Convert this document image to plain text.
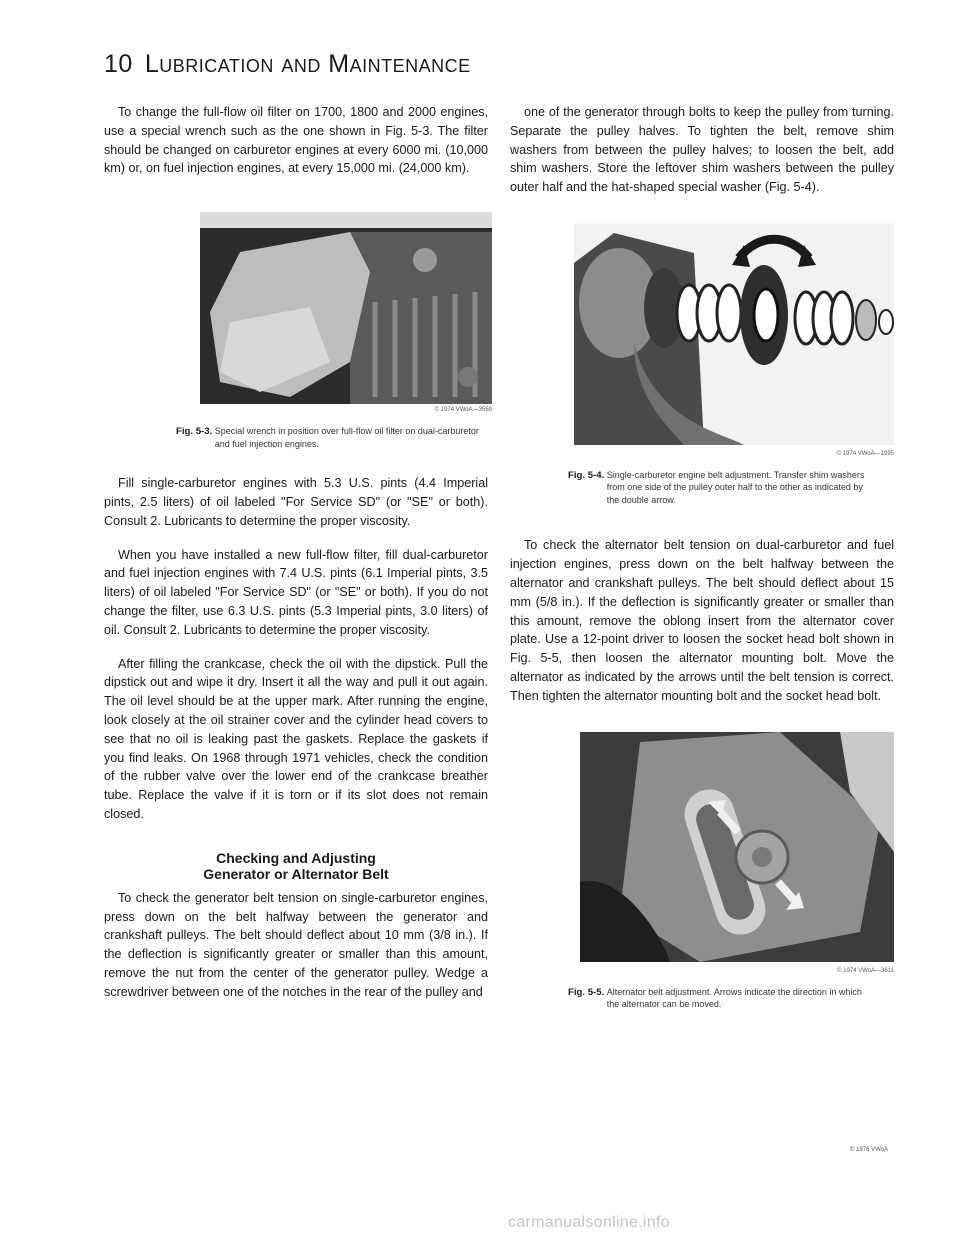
10 Lubrication and Maintenance

To change the full-flow oil filter on 1700, 1800 and 2000 engines, use a special wrench such as the one shown in Fig. 5-3. The filter should be changed on carburetor engines at every 6000 mi. (10,000 km) or, on fuel injection engines, at every 15,000 mi. (24,000 km).

© 1974 VWoA—3559
Fig. 5-3. Special wrench in position over full-flow oil filter on dual-carburetor and fuel injection engines.

Fill single-carburetor engines with 5.3 U.S. pints (4.4 Imperial pints, 2.5 liters) of oil labeled "For Service SD" (or "SE" or both). Consult 2. Lubricants to determine the proper viscosity.

When you have installed a new full-flow filter, fill dual-carburetor and fuel injection engines with 7.4 U.S. pints (6.1 Imperial pints, 3.5 liters) of oil labeled "For Service SD" (or "SE" or both). If you do not change the filter, use 6.3 U.S. pints (5.3 Imperial pints, 3.0 liters) of oil. Consult 2. Lubricants to determine the proper viscosity.

After filling the crankcase, check the oil with the dipstick. Pull the dipstick out and wipe it dry. Insert it all the way and pull it out again. The oil level should be at the upper mark. After running the engine, look closely at the oil strainer cover and the cylinder head covers to see that no oil is leaking past the gaskets. Replace the gaskets if you find leaks. On 1968 through 1971 vehicles, check the condition of the rubber valve over the lower end of the crankcase breather tube. Replace the valve if it is torn or if its slot does not remain closed.

Checking and Adjusting
Generator or Alternator Belt

To check the generator belt tension on single-carburetor engines, press down on the belt halfway between the generator and crankshaft pulleys. The belt should deflect about 10 mm (3/8 in.). If the deflection is significantly greater or smaller than this amount, remove the nut from the center of the generator pulley. Wedge a screwdriver between one of the notches in the rear of the pulley and

one of the generator through bolts to keep the pulley from turning. Separate the pulley halves. To tighten the belt, remove shim washers from between the pulley halves; to loosen the belt, add shim washers. Store the leftover shim washers between the pulley outer half and the hat-shaped special washer (Fig. 5-4).

© 1974 VWoA—1995
Fig. 5-4. Single-carburetor engine belt adjustment. Transfer shim washers from one side of the pulley outer half to the other as indicated by the double arrow.

To check the alternator belt tension on dual-carburetor and fuel injection engines, press down on the belt halfway between the alternator and crankshaft pulleys. The belt should deflect about 15 mm (5/8 in.). If the deflection is significantly greater or smaller than this amount, remove the oblong insert from the alternator cover plate. Use a 12-point driver to loosen the socket head bolt shown in Fig. 5-5, then loosen the alternator mounting bolt. Move the alternator as indicated by the arrows until the belt tension is correct. Then tighten the alternator mounting bolt and the socket head bolt.

© 1974 VWoA—3611
Fig. 5-5. Alternator belt adjustment. Arrows indicate the direction in which the alternator can be moved.
© 1976 VWoA
carmanualsonline.info
